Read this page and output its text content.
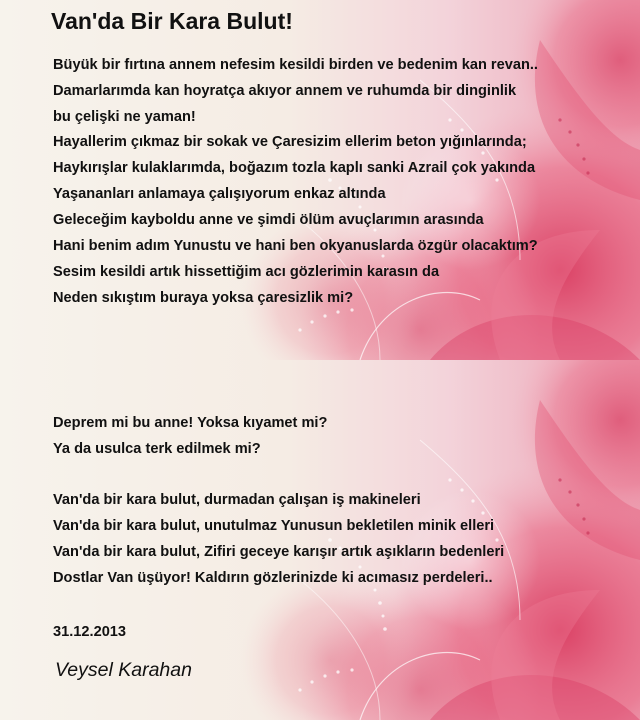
Van'da Bir Kara Bulut!
Büyük bir fırtına annem nefesim kesildi birden ve bedenim kan revan..
Damarlarımda kan hoyratça akıyor annem ve ruhumda bir dinginlik
bu çelişki ne yaman!
Hayallerim çıkmaz bir sokak ve Çaresizim ellerim beton yığınlarında;
Haykırışlar kulaklarımda, boğazım tozla kaplı sanki Azrail çok yakında
Yaşananları anlamaya çalışıyorum enkaz altında
Geleceğim kayboldu anne ve şimdi ölüm avuçlarımın arasında
Hani benim adım Yunustu ve hani ben okyanuslarda özgür olacaktım?
Sesim kesildi artık hissettiğim acı gözlerimin karasın da
Neden sıkıştım buraya yoksa çaresizlik mi?
Deprem mi bu anne! Yoksa kıyamet mi?
Ya da usulca terk edilmek mi?
Van'da bir kara bulut, durmadan çalışan iş makineleri
Van'da bir kara bulut, unutulmaz Yunusun bekletilen minik elleri
Van'da bir kara bulut, Zifiri geceye karışır artık aşıkların bedenleri
Dostlar Van üşüyor! Kaldırın gözlerinizde ki acımasız perdeleri..
31.12.2013
Veysel Karahan
